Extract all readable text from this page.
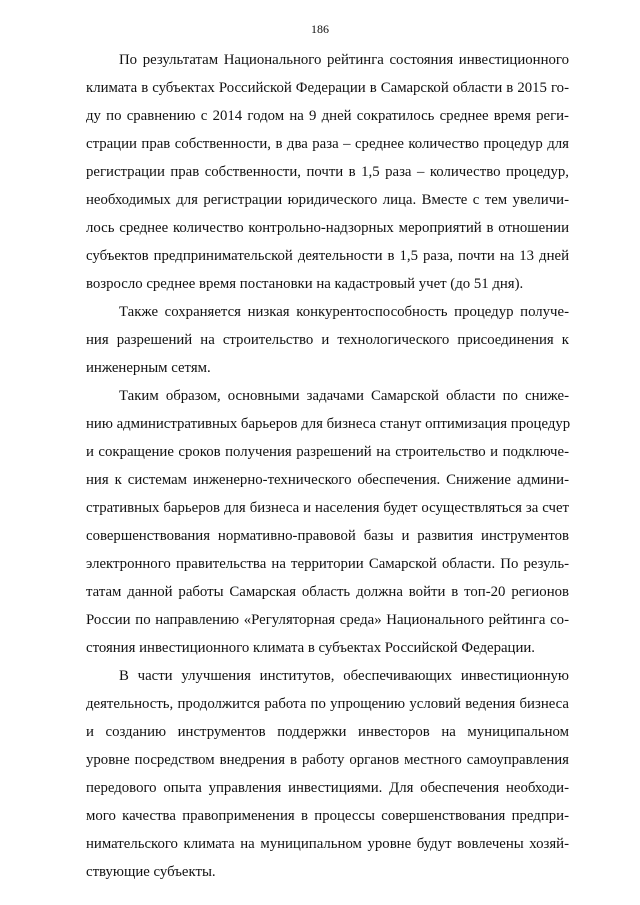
186
По результатам Национального рейтинга состояния инвестиционного
климата в субъектах Российской Федерации в Самарской области в 2015 го-
ду по сравнению с 2014 годом на 9 дней сократилось среднее время реги-
страции прав собственности, в два раза – среднее количество процедур для
регистрации прав собственности, почти в 1,5 раза – количество процедур,
необходимых для регистрации юридического лица. Вместе с тем увеличи-
лось среднее количество контрольно-надзорных мероприятий в отношении
субъектов предпринимательской деятельности в 1,5 раза, почти на 13 дней
возросло среднее время постановки на кадастровый учет (до 51 дня).
Также сохраняется низкая конкурентоспособность процедур получе-
ния разрешений на строительство и технологического присоединения к
инженерным сетям.
Таким образом, основными задачами Самарской области по сниже-
нию административных барьеров для бизнеса станут оптимизация процедур
и сокращение сроков получения разрешений на строительство и подключе-
ния к системам инженерно-технического обеспечения. Снижение админи-
стративных барьеров для бизнеса и населения будет осуществляться за счет
совершенствования нормативно-правовой базы и развития инструментов
электронного правительства на территории Самарской области. По резуль-
татам данной работы Самарская область должна войти в топ-20 регионов
России по направлению «Регуляторная среда» Национального рейтинга со-
стояния инвестиционного климата в субъектах Российской Федерации.
В части улучшения институтов, обеспечивающих инвестиционную
деятельность, продолжится работа по упрощению условий ведения бизнеса
и созданию инструментов поддержки инвесторов на муниципальном
уровне посредством внедрения в работу органов местного самоуправления
передового опыта управления инвестициями. Для обеспечения необходи-
мого качества правоприменения в процессы совершенствования предпри-
нимательского климата на муниципальном уровне будут вовлечены хозяй-
ствующие субъекты.
